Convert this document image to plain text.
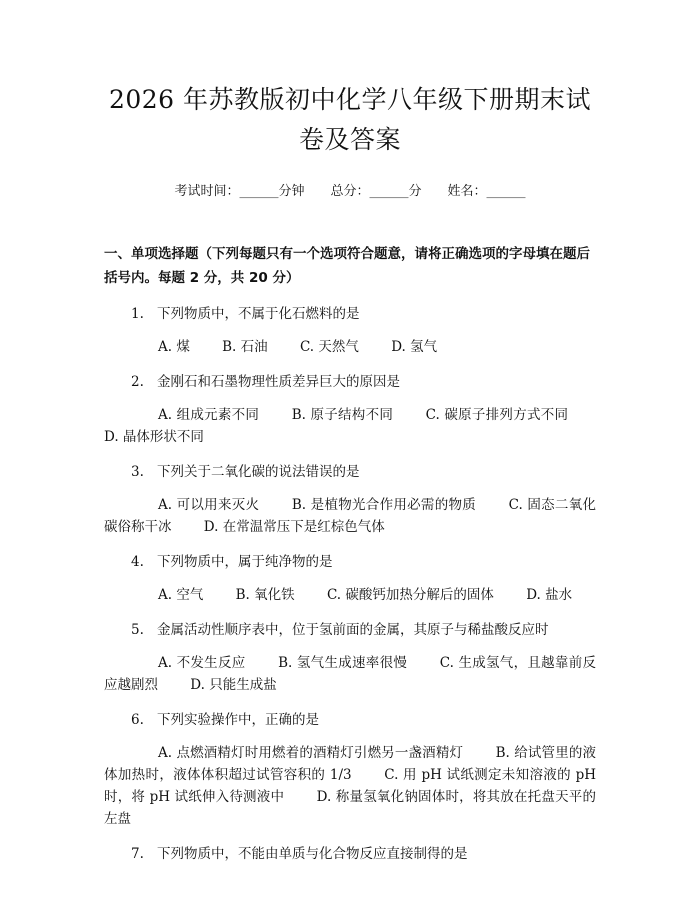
2026 年苏教版初中化学八年级下册期末试卷及答案
考试时间：______分钟 总分：______分 姓名：______
一、单项选择题（下列每题只有一个选项符合题意，请将正确选项的字母填在题后括号内。每题 2 分，共 20 分）
1. 下列物质中，不属于化石燃料的是
A. 煤 B. 石油 C. 天然气 D. 氢气
2. 金刚石和石墨物理性质差异巨大的原因是
A. 组成元素不同 B. 原子结构不同 C. 碳原子排列方式不同 D. 晶体形状不同
3. 下列关于二氧化碳的说法错误的是
A. 可以用来灭火 B. 是植物光合作用必需的物质 C. 固态二氧化碳俗称干冰 D. 在常温常压下是红棕色气体
4. 下列物质中，属于纯净物的是
A. 空气 B. 氧化铁 C. 碳酸钙加热分解后的固体 D. 盐水
5. 金属活动性顺序表中，位于氢前面的金属，其原子与稀盐酸反应时
A. 不发生反应 B. 氢气生成速率很慢 C. 生成氢气，且越靠前反应越剧烈 D. 只能生成盐
6. 下列实验操作中，正确的是
A. 点燃酒精灯时用燃着的酒精灯引燃另一盏酒精灯 B. 给试管里的液体加热时，液体体积超过试管容积的 1/3 C. 用 pH 试纸测定未知溶液的 pH 时，将 pH 试纸伸入待测液中 D. 称量氢氧化钠固体时，将其放在托盘天平的左盘
7. 下列物质中，不能由单质与化合物反应直接制得的是
